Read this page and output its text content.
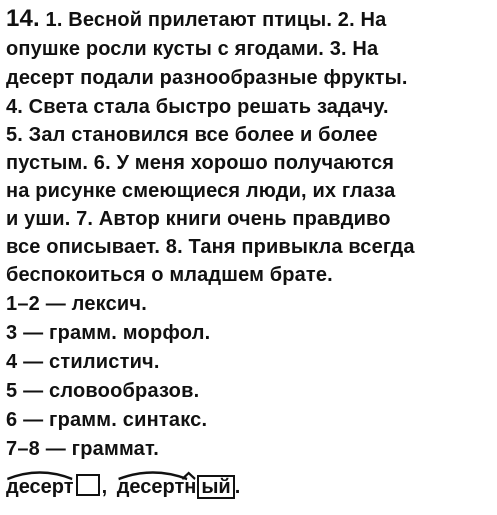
14. 1. Весной прилетают птицы. 2. На
опушке росли кусты с ягодами. 3. На
десерт подали разнообразные фрукты.
4. Света стала быстро решать задачу.
5. Зал становился все более и более
пустым. 6. У меня хорошо получаются
на рисунке смеющиеся люди, их глаза
и уши. 7. Автор книги очень правдиво
все описывает. 8. Таня привыкла всегда
беспокоиться о младшем брате.
1–2 — лексич.
3 — грамм. морфол.
4 — стилистич.
5 — словообразов.
6 — грамм. синтакс.
7–8 — граммат.
десерт , десертн ый .
